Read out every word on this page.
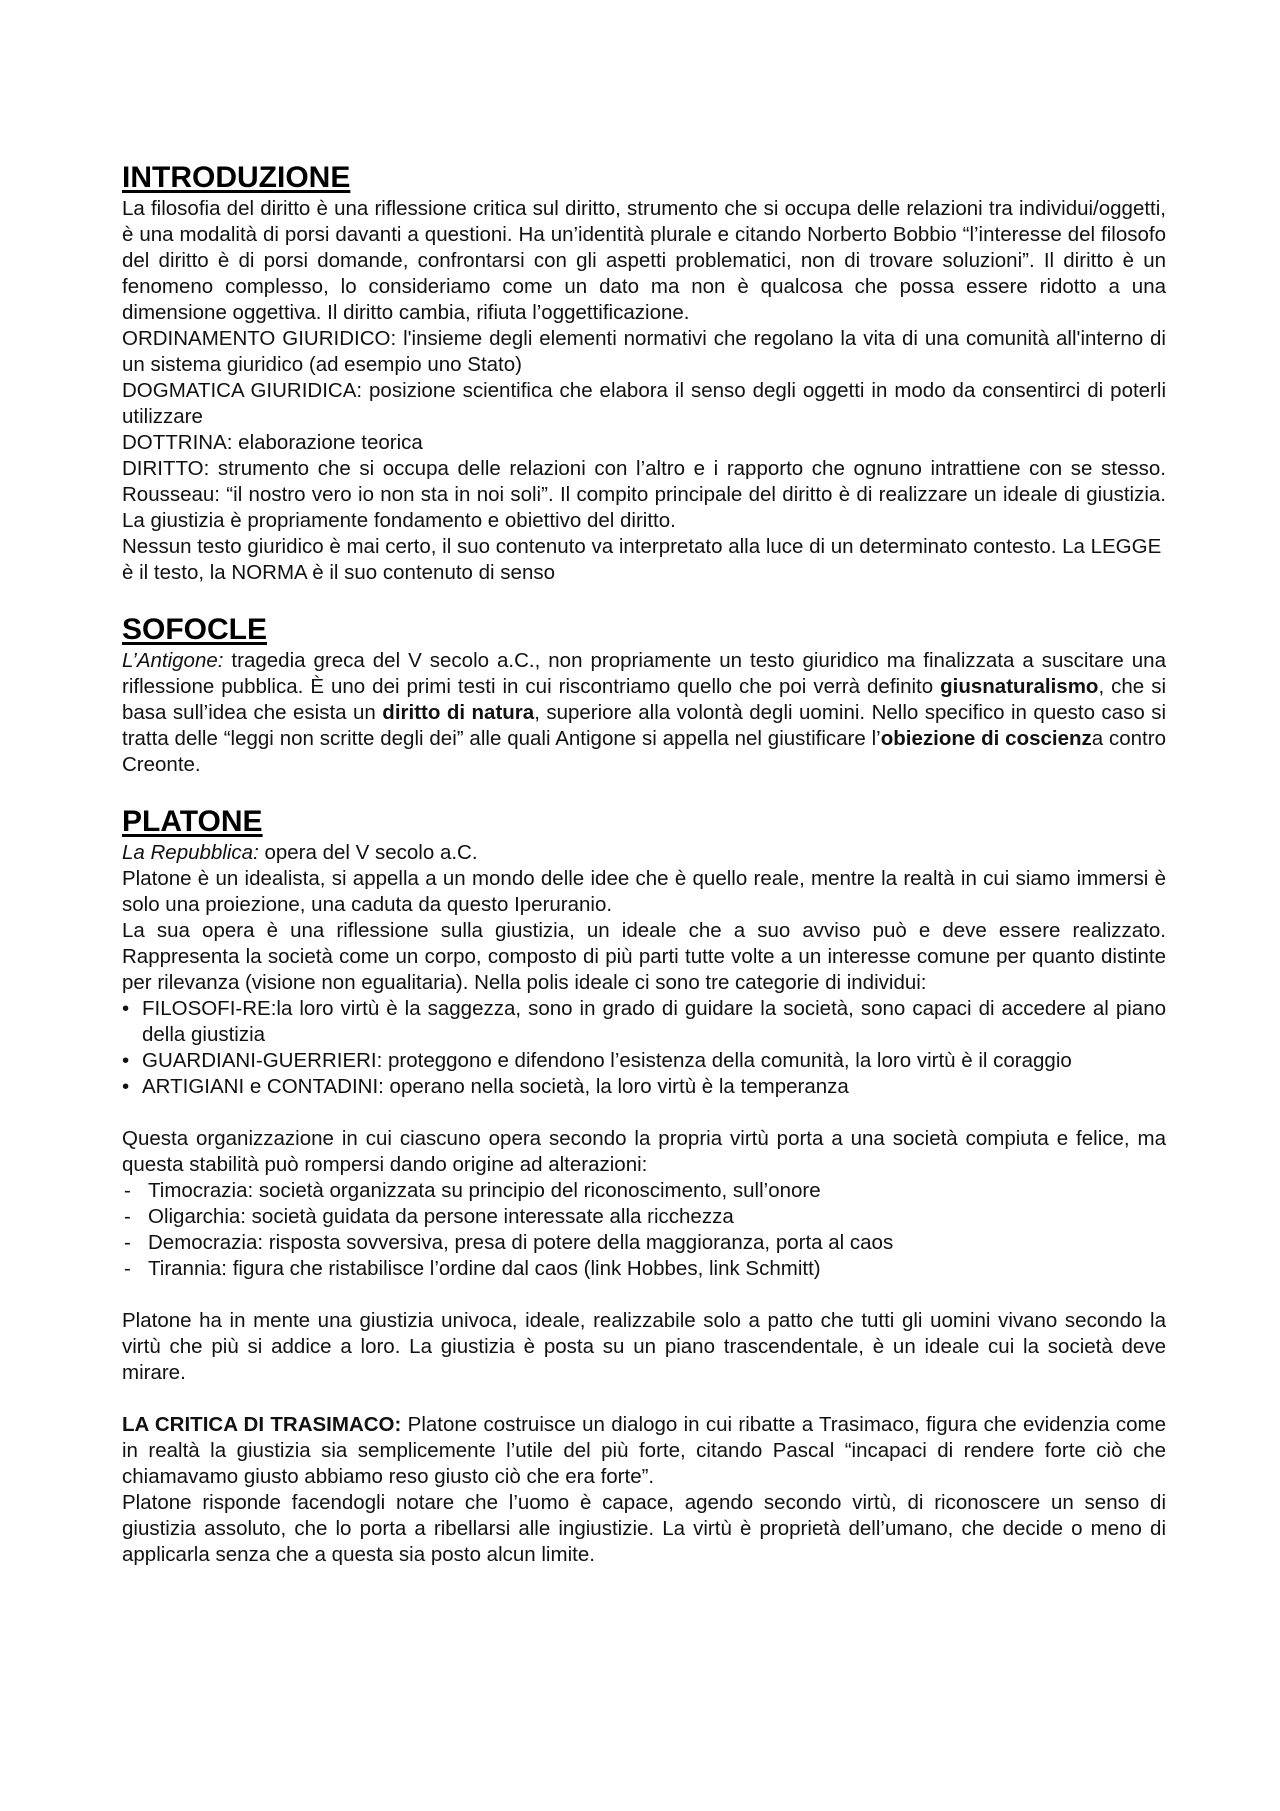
INTRODUZIONE

La filosofia del diritto è una riflessione critica sul diritto, strumento che si occupa delle relazioni tra individui/oggetti, è una modalità di porsi davanti a questioni. Ha un’identità plurale e citando Norberto Bobbio “l’interesse del filosofo del diritto è di porsi domande, confrontarsi con gli aspetti problematici, non di trovare soluzioni”. Il diritto è un fenomeno complesso, lo consideriamo come un dato ma non è qualcosa che possa essere ridotto a una dimensione oggettiva. Il diritto cambia, rifiuta l’oggettificazione.

ORDINAMENTO GIURIDICO: l'insieme degli elementi normativi che regolano la vita di una comunità all'interno di un sistema giuridico (ad esempio uno Stato)

DOGMATICA GIURIDICA: posizione scientifica che elabora il senso degli oggetti in modo da consentirci di poterli utilizzare

DOTTRINA: elaborazione teorica

DIRITTO: strumento che si occupa delle relazioni con l’altro e i rapporto che ognuno intrattiene con se stesso. Rousseau: “il nostro vero io non sta in noi soli”. Il compito principale del diritto è di realizzare un ideale di giustizia. La giustizia è propriamente fondamento e obiettivo del diritto.

Nessun testo giuridico è mai certo, il suo contenuto va interpretato alla luce di un determinato contesto. La LEGGE è il testo, la NORMA è il suo contenuto di senso

SOFOCLE

L’Antigone: tragedia greca del V secolo a.C., non propriamente un testo giuridico ma finalizzata a suscitare una riflessione pubblica. È uno dei primi testi in cui riscontriamo quello che poi verrà definito giusnaturalismo, che si basa sull’idea che esista un diritto di natura, superiore alla volontà degli uomini. Nello specifico in questo caso si tratta delle “leggi non scritte degli dei” alle quali Antigone si appella nel giustificare l’obiezione di coscienza contro Creonte.

PLATONE

La Repubblica: opera del V secolo a.C.

Platone è un idealista, si appella a un mondo delle idee che è quello reale, mentre la realtà in cui siamo immersi è solo una proiezione, una caduta da questo Iperuranio.

La sua opera è una riflessione sulla giustizia, un ideale che a suo avviso può e deve essere realizzato. Rappresenta la società come un corpo, composto di più parti tutte volte a un interesse comune per quanto distinte per rilevanza (visione non egualitaria). Nella polis ideale ci sono tre categorie di individui:

• FILOSOFI-RE:la loro virtù è la saggezza, sono in grado di guidare la società, sono capaci di accedere al piano della giustizia
• GUARDIANI-GUERRIERI: proteggono e difendono l’esistenza della comunità, la loro virtù è il coraggio
• ARTIGIANI e CONTADINI: operano nella società, la loro virtù è la temperanza

Questa organizzazione in cui ciascuno opera secondo la propria virtù porta a una società compiuta e felice, ma questa stabilità può rompersi dando origine ad alterazioni:

- Timocrazia: società organizzata su principio del riconoscimento, sull’onore
- Oligarchia: società guidata da persone interessate alla ricchezza
- Democrazia: risposta sovversiva, presa di potere della maggioranza, porta al caos
- Tirannia: figura che ristabilisce l’ordine dal caos (link Hobbes, link Schmitt)

Platone ha in mente una giustizia univoca, ideale, realizzabile solo a patto che tutti gli uomini vivano secondo la virtù che più si addice a loro. La giustizia è posta su un piano trascendentale, è un ideale cui la società deve mirare.

LA CRITICA DI TRASIMACO: Platone costruisce un dialogo in cui ribatte a Trasimaco, figura che evidenzia come in realtà la giustizia sia semplicemente l’utile del più forte, citando Pascal “incapaci di rendere forte ciò che chiamavamo giusto abbiamo reso giusto ciò che era forte”.

Platone risponde facendogli notare che l’uomo è capace, agendo secondo virtù, di riconoscere un senso di giustizia assoluto, che lo porta a ribellarsi alle ingiustizie. La virtù è proprietà dell’umano, che decide o meno di applicarla senza che a questa sia posto alcun limite.
